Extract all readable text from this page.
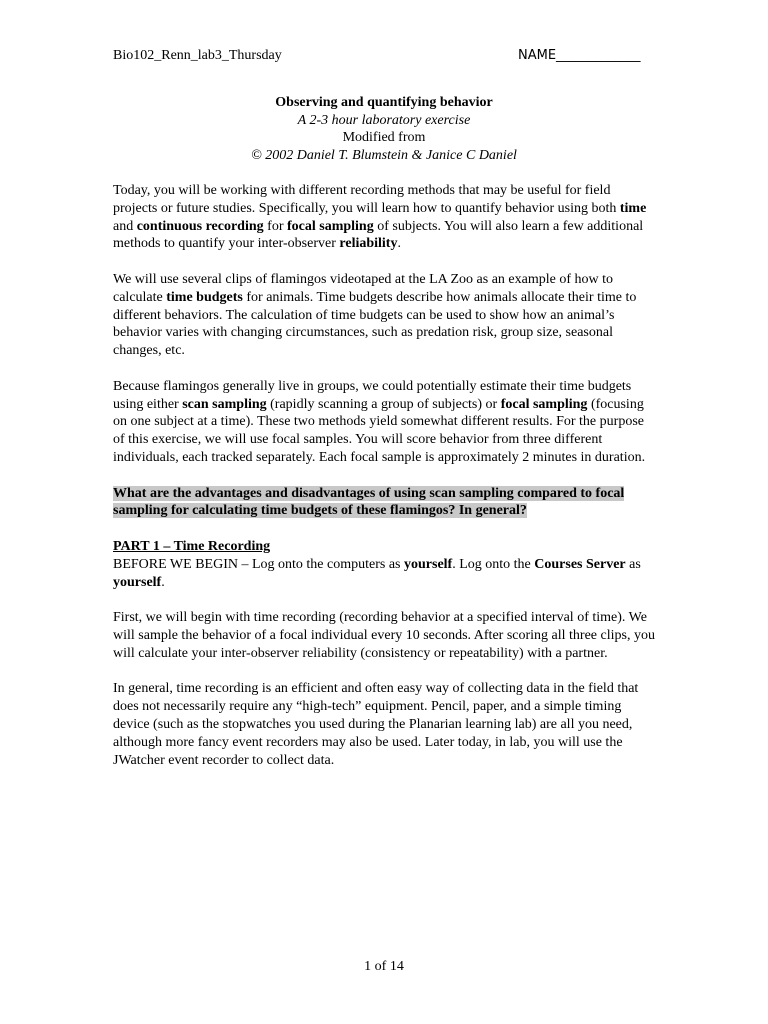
Bio102_Renn_lab3_Thursday	NAME_____________
Observing and quantifying behavior
A 2-3 hour laboratory exercise
Modified from
© 2002 Daniel T. Blumstein & Janice C Daniel

Today, you will be working with different recording methods that may be useful for field projects or future studies. Specifically, you will learn how to quantify behavior using both time and continuous recording for focal sampling of subjects. You will also learn a few additional methods to quantify your inter-observer reliability.

We will use several clips of flamingos videotaped at the LA Zoo as an example of how to calculate time budgets for animals. Time budgets describe how animals allocate their time to different behaviors. The calculation of time budgets can be used to show how an animal’s behavior varies with changing circumstances, such as predation risk, group size, seasonal changes, etc.

Because flamingos generally live in groups, we could potentially estimate their time budgets using either scan sampling (rapidly scanning a group of subjects) or focal sampling (focusing on one subject at a time). These two methods yield somewhat different results. For the purpose of this exercise, we will use focal samples. You will score behavior from three different individuals, each tracked separately. Each focal sample is approximately 2 minutes in duration.

What are the advantages and disadvantages of using scan sampling compared to focal sampling for calculating time budgets of these flamingos? In general?

PART 1 – Time Recording
BEFORE WE BEGIN – Log onto the computers as yourself. Log onto the Courses Server as yourself.

First, we will begin with time recording (recording behavior at a specified interval of time). We will sample the behavior of a focal individual every 10 seconds. After scoring all three clips, you will calculate your inter-observer reliability (consistency or repeatability) with a partner.

In general, time recording is an efficient and often easy way of collecting data in the field that does not necessarily require any “high-tech” equipment. Pencil, paper, and a simple timing device (such as the stopwatches you used during the Planarian learning lab) are all you need, although more fancy event recorders may also be used. Later today, in lab, you will use the JWatcher event recorder to collect data.

1 of 14
